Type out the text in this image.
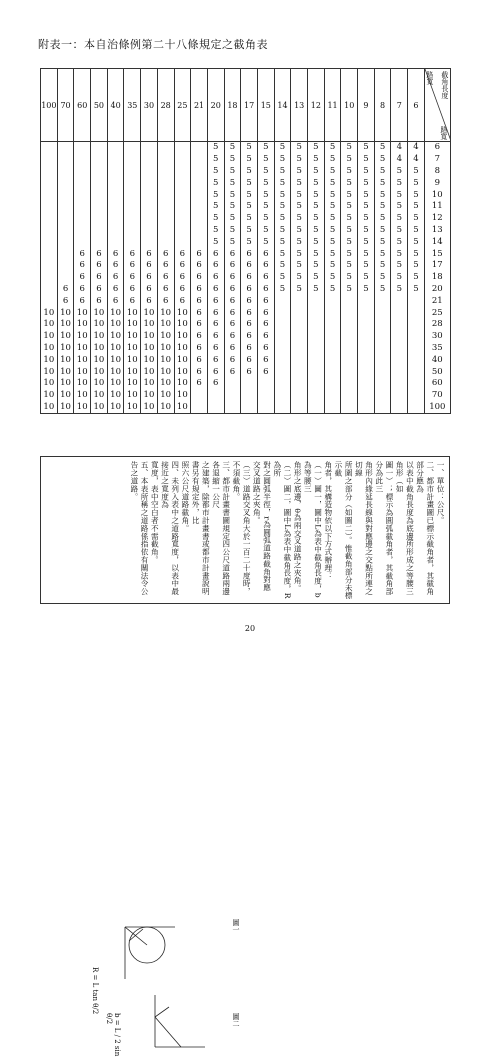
附表一：本自治條例第二十八條規定之截角表
100	70	60	50	40	35	30	28	25	21	20	18	17	15	14	13	12	11	10	9	8	7	6	截角長度
路寬
路寬

										5	5	5	5	5	5	5	5	5	5	5	4	4	6
										5	5	5	5	5	5	5	5	5	5	5	4	4	7
										5	5	5	5	5	5	5	5	5	5	5	5	5	8
										5	5	5	5	5	5	5	5	5	5	5	5	5	9
										5	5	5	5	5	5	5	5	5	5	5	5	5	10
										5	5	5	5	5	5	5	5	5	5	5	5	5	11
										5	5	5	5	5	5	5	5	5	5	5	5	5	12
										5	5	5	5	5	5	5	5	5	5	5	5	5	13
										5	5	5	5	5	5	5	5	5	5	5	5	5	14
		6	6	6	6	6	6	6	6	6	6	6	6	5	5	5	5	5	5	5	5	5	15
		6	6	6	6	6	6	6	6	6	6	6	6	5	5	5	5	5	5	5	5	5	17
		6	6	6	6	6	6	6	6	6	6	6	6	5	5	5	5	5	5	5	5	5	18
	6	6	6	6	6	6	6	6	6	6	6	6	6	5	5	5	5	5	5	5	5	5	20
	6	6	6	6	6	6	6	6	6	6	6	6	6										21
10	10	10	10	10	10	10	10	10	6	6	6	6	6										25
10	10	10	10	10	10	10	10	10	6	6	6	6	6										28
10	10	10	10	10	10	10	10	10	6	6	6	6	6										30
10	10	10	10	10	10	10	10	10	6	6	6	6	6										35
10	10	10	10	10	10	10	10	10	6	6	6	6	6										40
10	10	10	10	10	10	10	10	10	6	6	6	6	6										50
10	10	10	10	10	10	10	10	10	6	6													60
10	10	10	10	10	10	10	10	10															70
10	10	10	10	10	10	10	10	10															100

一、單位：公尺。

二、都市計畫圖已標示截角者，其截角部分應為

以表中截角長度為底邊所形成之等腰三角形（如

圖一）；標示為圓弧截角者，其截角部分為此三

角形內緣延長線與對應邊之交點所連之切線

所圍之部分（如圖二）。惟截角部分未標示截

角者，其構造物依以下方式辦理：

（一）圖一，圖中L為表中截角長度，b為等腰三

角形之底邊，θ為兩交叉道路之夾角。

（二）圖二，圖中L為表中截角長度，R為所

對之圓弧半徑，r為圓弧道路截角對應

交叉道路之夾角。

（三）道路交叉角大於一百二十度時，

不須截角。

三、都市計畫書圖規定四公尺道路兩邊各退縮一公尺

之建築，除都市計畫書或都市計畫說明書另有規定外，比

照六公尺道路截角。

四、未列入表中之道路寬度，以表中最接近之寬度為

寬度，表中空白者不需截角。

五、本表所稱之道路係指依有關法令公告之道路。

R = L tan θ/2
b = L / 2 sin θ/2
圖一
圖二
20
